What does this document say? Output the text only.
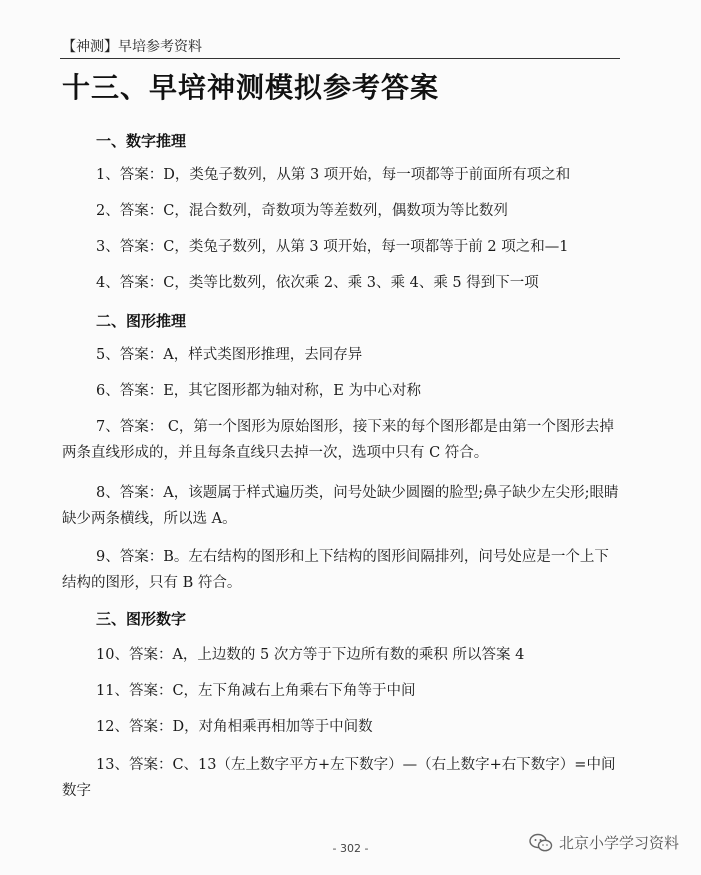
【神测】早培参考资料
十三、早培神测模拟参考答案
一、数字推理
1、答案：D，类兔子数列，从第 3 项开始，每一项都等于前面所有项之和
2、答案：C，混合数列，奇数项为等差数列，偶数项为等比数列
3、答案：C，类兔子数列，从第 3 项开始，每一项都等于前 2 项之和—1
4、答案：C，类等比数列，依次乘 2、乘 3、乘 4、乘 5 得到下一项
二、图形推理
5、答案：A，样式类图形推理，去同存异
6、答案：E，其它图形都为轴对称，E 为中心对称
7、答案： C，第一个图形为原始图形，接下来的每个图形都是由第一个图形去掉两条直线形成的，并且每条直线只去掉一次，选项中只有 C 符合。
8、答案：A，该题属于样式遍历类，问号处缺少圆圈的脸型;鼻子缺少左尖形;眼睛缺少两条横线，所以选 A。
9、答案：B。左右结构的图形和上下结构的图形间隔排列，问号处应是一个上下结构的图形，只有 B 符合。
三、图形数字
10、答案：A，上边数的 5 次方等于下边所有数的乘积 所以答案 4
11、答案：C，左下角减右上角乘右下角等于中间
12、答案：D，对角相乘再相加等于中间数
13、答案：C、13（左上数字平方+左下数字）—（右上数字+右下数字）=中间数字
- 302 -	北京小学学习资料
